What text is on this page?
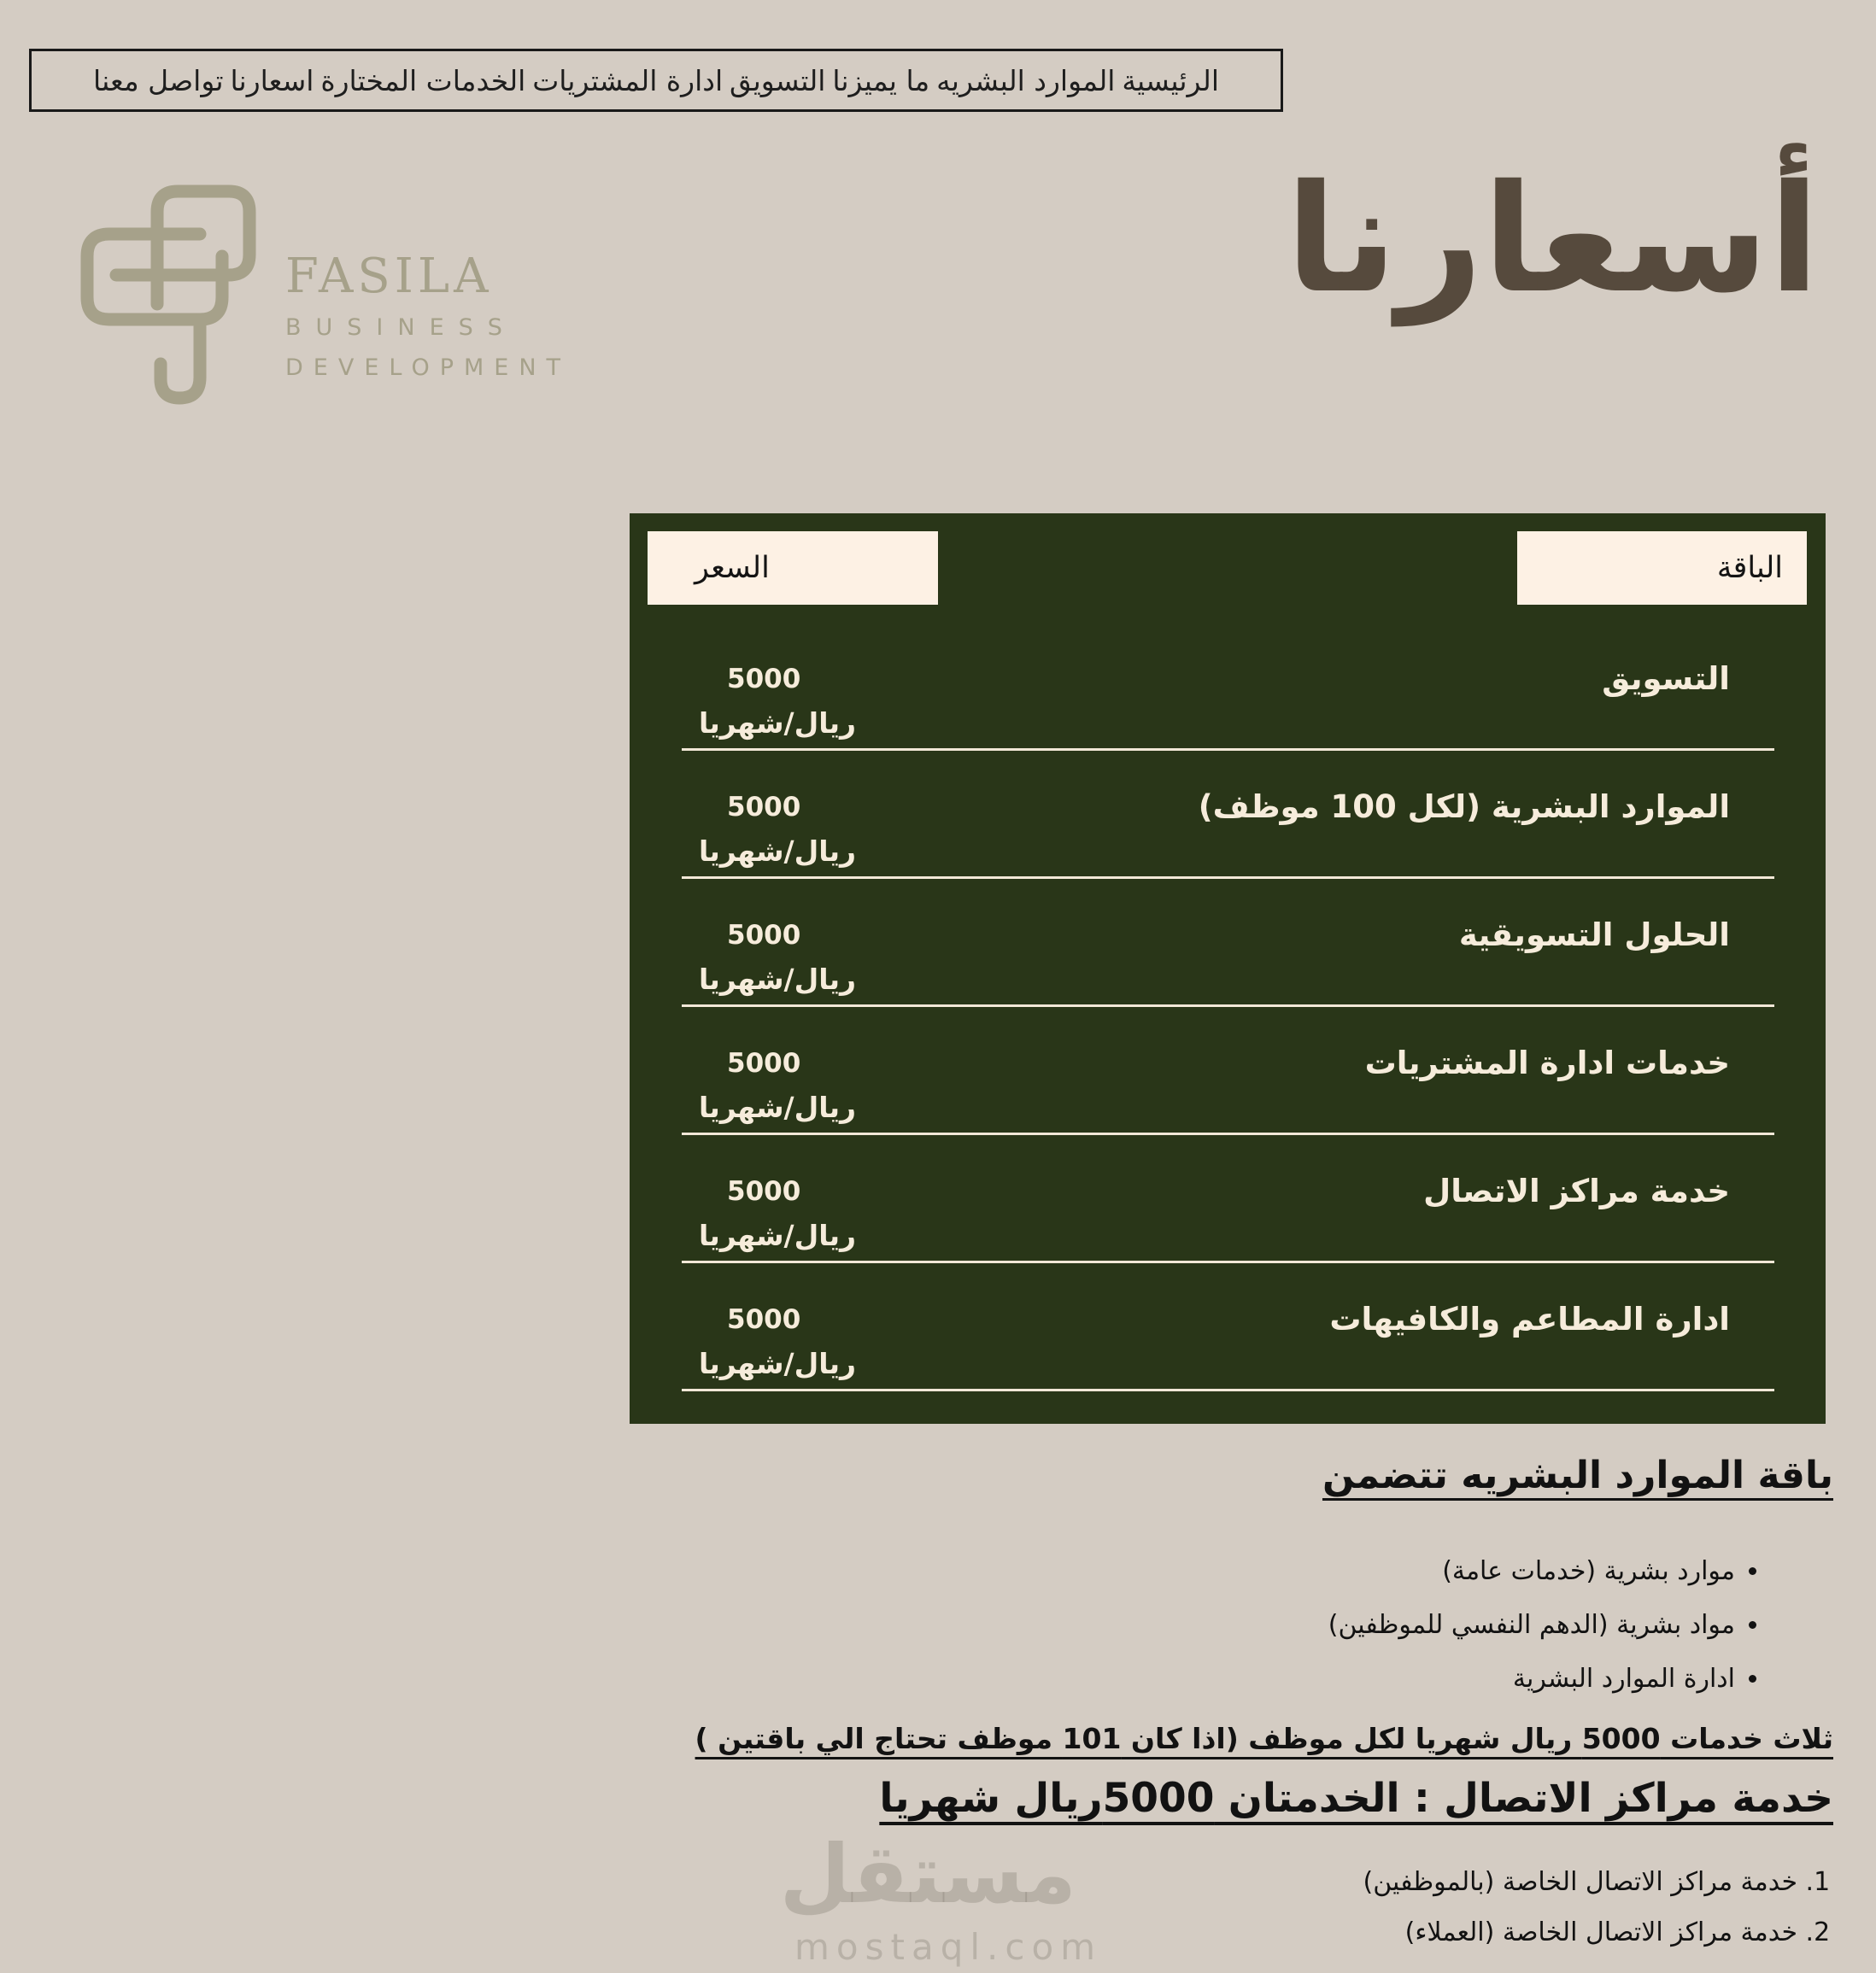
الرئيسية
الموارد البشريه
ما يميزنا
التسويق
ادارة المشتريات
الخدمات المختارة
اسعارنا
تواصل معنا
FASILA
BUSINESS
DEVELOPMENT
أسعارنا
السعر	الباقة
التسويق
5000
ريال/شهريا
الموارد البشرية (لكل 100 موظف)
5000
ريال/شهريا
الحلول التسويقية
5000
ريال/شهريا
خدمات ادارة المشتريات
5000
ريال/شهريا
خدمة مراكز الاتصال
5000
ريال/شهريا
ادارة المطاعم والكافيهات
5000
ريال/شهريا
باقة الموارد البشريه تتضمن
• موارد بشرية (خدمات عامة)
• مواد بشرية (الدهم النفسي للموظفين)
• ادارة الموارد البشرية
ثلاث خدمات 5000 ريال شهريا لكل موظف (اذا كان 101 موظف تحتاج الي باقتين )
خدمة مراكز الاتصال : الخدمتان 5000ريال شهريا
1. خدمة مراكز الاتصال الخاصة (بالموظفين)
2. خدمة مراكز الاتصال الخاصة (العملاء)
مستقل
mostaql.com
